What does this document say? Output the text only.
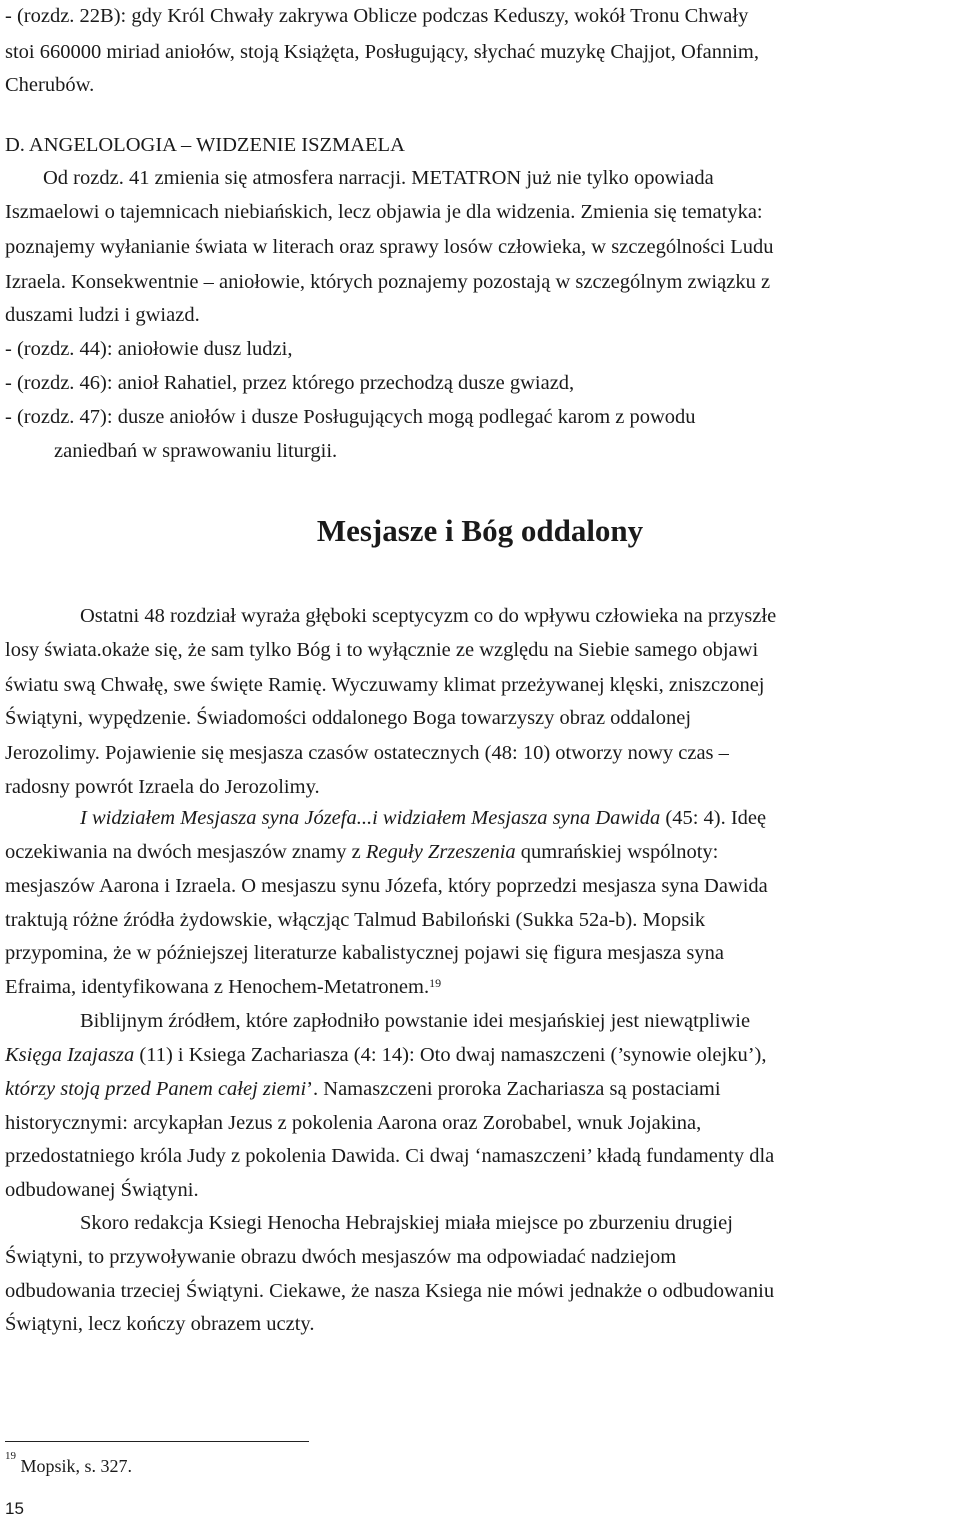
- (rozdz. 22B): gdy Król Chwały zakrywa Oblicze podczas Keduszy, wokół Tronu Chwały
stoi 660000 miriad aniołów, stoją Książęta, Posługujący, słychać muzykę Chajjot, Ofannim,
Cherubów.
D. ANGELOLOGIA – WIDZENIE ISZMAELA
Od rozdz. 41 zmienia się atmosfera narracji. METATRON już nie tylko opowiada
Iszmaelowi o tajemnicach niebiańskich, lecz objawia je dla widzenia. Zmienia się tematyka:
poznajemy wyłanianie świata w literach oraz sprawy losów człowieka, w szczególności Ludu
Izraela. Konsekwentnie – aniołowie, których poznajemy pozostają w szczególnym związku z
duszami ludzi i gwiazd.
- (rozdz. 44): aniołowie dusz ludzi,
- (rozdz. 46): anioł Rahatiel, przez którego przechodzą dusze gwiazd,
- (rozdz. 47): dusze aniołów i dusze Posługujących mogą podlegać karom z powodu
zaniedbań w sprawowaniu liturgii.
Mesjasze i Bóg oddalony
Ostatni 48 rozdział wyraża głęboki sceptycyzm co do wpływu człowieka na przyszłe
losy świata.okaże się, że sam tylko Bóg i to wyłącznie ze względu na Siebie samego objawi
światu swą Chwałę, swe święte Ramię. Wyczuwamy klimat przeżywanej klęski, zniszczonej
Świątyni, wypędzenie. Świadomości oddalonego Boga towarzyszy obraz oddalonej
Jerozolimy. Pojawienie się mesjasza czasów ostatecznych (48: 10) otworzy nowy czas –
radosny powrót Izraela do Jerozolimy.
I widziałem Mesjasza syna Józefa...i widziałem Mesjasza syna Dawida (45: 4). Ideę
oczekiwania na dwóch mesjaszów znamy z Reguły Zrzeszenia qumrańskiej wspólnoty:
mesjaszów Aarona i Izraela. O mesjaszu synu Józefa, który poprzedzi mesjasza syna Dawida
traktują różne źródła żydowskie, włączjąc Talmud Babiloński (Sukka 52a-b). Mopsik
przypomina, że w późniejszej literaturze kabalistycznej pojawi się figura mesjasza syna
Efraima, identyfikowana z Henochem-Metatronem.$^{19}$
Biblijnym źródłem, które zapłodniło powstanie idei mesjańskiej jest niewątpliwie
Księga Izajasza (11) i Ksiega Zachariasza (4: 14): Oto dwaj namaszczeni (’synowie olejku’),
którzy stoją przed Panem całej ziemi’. Namaszczeni proroka Zachariasza są postaciami
historycznymi: arcykapłan Jezus z pokolenia Aarona oraz Zorobabel, wnuk Jojakina,
przedostatniego króla Judy z pokolenia Dawida. Ci dwaj ‘namaszczeni’ kładą fundamenty dla
odbudowanej Świątyni.
Skoro redakcja Ksiegi Henocha Hebrajskiej miała miejsce po zburzeniu drugiej
Świątyni, to przywoływanie obrazu dwóch mesjaszów ma odpowiadać nadziejom
odbudowania trzeciej Świątyni. Ciekawe, że nasza Ksiega nie mówi jednakże o odbudowaniu
Świątyni, lecz kończy obrazem uczty.
$^{19}$ Mopsik, s. 327.
15
